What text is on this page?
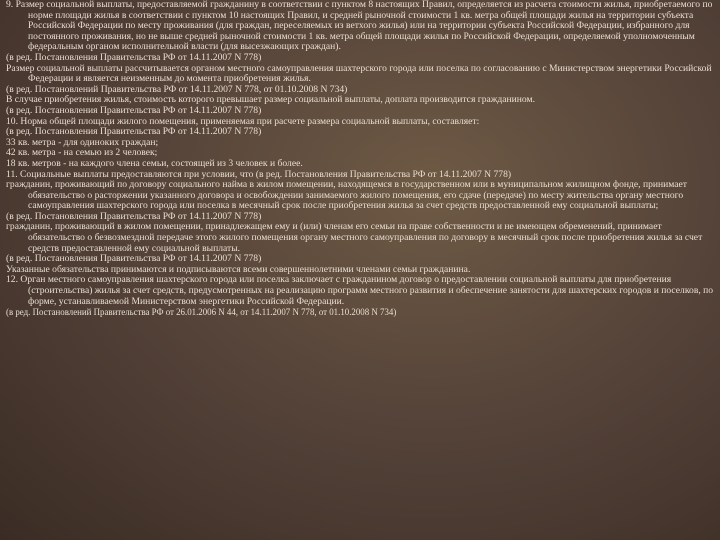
9. Размер социальной выплаты, предоставляемой гражданину в соответствии с пунктом 8 настоящих Правил, определяется из расчета стоимости жилья, приобретаемого по норме площади жилья в соответствии с пунктом 10 настоящих Правил, и средней рыночной стоимости 1 кв. метра общей площади жилья на территории субъекта Российской Федерации по месту проживания (для граждан, переселяемых из ветхого жилья) или на территории субъекта Российской Федерации, избранного для постоянного проживания, но не выше средней рыночной стоимости 1 кв. метра общей площади жилья по Российской Федерации, определяемой уполномоченным федеральным органом исполнительной власти (для высезжающих граждан).

(в ред. Постановления Правительства РФ от 14.11.2007 N 778)

Размер социальной выплаты рассчитывается органом местного самоуправления шахтерского города или поселка по согласованию с Министерством энергетики Российской Федерации и является неизменным до момента приобретения жилья.

(в ред. Постановлений Правительства РФ от 14.11.2007 N 778, от 01.10.2008 N 734)

В случае приобретения жилья, стоимость которого превышает размер социальной выплаты, доплата производится гражданином.

(в ред. Постановления Правительства РФ от 14.11.2007 N 778)

10. Норма общей площади жилого помещения, применяемая при расчете размера социальной выплаты, составляет:

(в ред. Постановления Правительства РФ от 14.11.2007 N 778)

33 кв. метра - для одиноких граждан;

42 кв. метра - на семью из 2 человек;

18 кв. метров - на каждого члена семьи, состоящей из 3 человек и более.

11. Социальные выплаты предоставляются при условии, что (в ред. Постановления Правительства РФ от 14.11.2007 N 778)

гражданин, проживающий по договору социального найма в жилом помещении, находящемся в государственном или в муниципальном жилищном фонде, принимает обязательство о расторжении указанного договора и освобождении занимаемого жилого помещения, его сдаче (передаче) по месту жительства органу местного самоуправления шахтерского города или поселка в месячный срок после приобретения жилья за счет средств предоставленной ему социальной выплаты;

(в ред. Постановления Правительства РФ от 14.11.2007 N 778)

гражданин, проживающий в жилом помещении, принадлежащем ему и (или) членам его семьи на праве собственности и не имеющем обременений, принимает обязательство о безвозмездной передаче этого жилого помещения органу местного самоуправления по договору в месячный срок после приобретения жилья за счет средств предоставленной ему социальной выплаты.

(в ред. Постановления Правительства РФ от 14.11.2007 N 778)

Указанные обязательства принимаются и подписываются всеми совершеннолетними членами семьи гражданина.

12. Орган местного самоуправления шахтерского города или поселка заключает с гражданином договор о предоставлении социальной выплаты для приобретения (строительства) жилья за счет средств, предусмотренных на реализацию программ местного развития и обеспечение занятости для шахтерских городов и поселков, по форме, устанавливаемой Министерством энергетики Российской Федерации.

(в ред. Постановлений Правительства РФ от 26.01.2006 N 44, от 14.11.2007 N 778, от 01.10.2008 N 734)
